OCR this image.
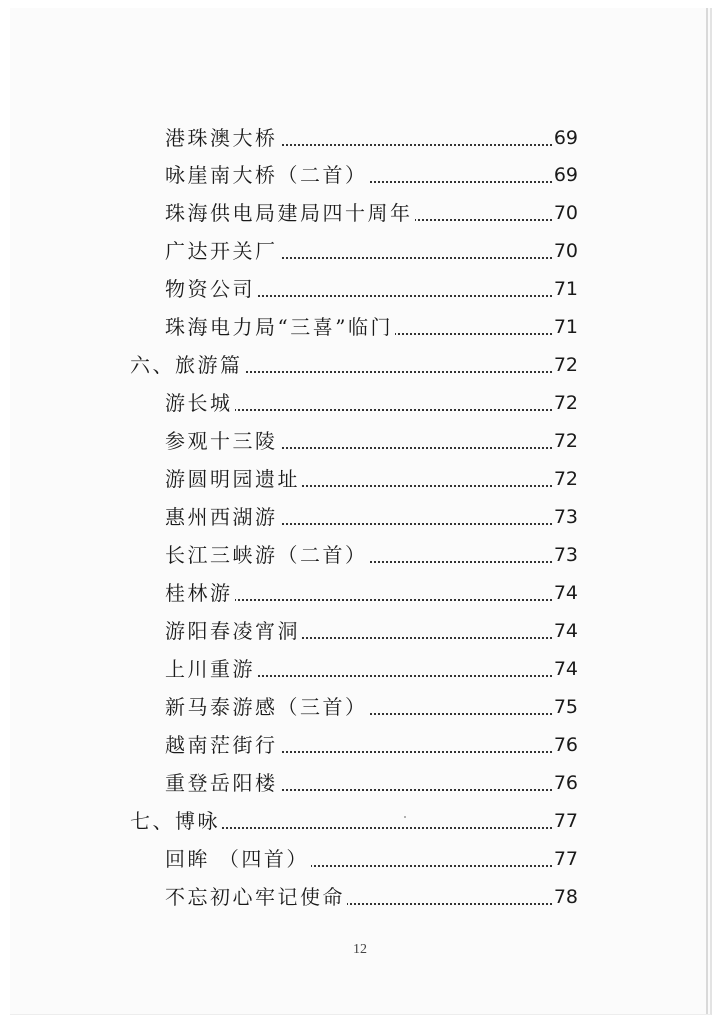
港珠澳大桥	69
咏崖南大桥（二首）	69
珠海供电局建局四十周年	70
广达开关厂	70
物资公司	71
珠海电力局“三喜”临门	71
六、旅游篇	72
游长城	72
参观十三陵	72
游圆明园遗址	72
惠州西湖游	73
长江三峡游（二首）	73
桂林游	74
游阳春凌宵洞	74
上川重游	74
新马泰游感（三首）	75
越南茫街行	76
重登岳阳楼	76
七、博咏	77
回眸 （四首）	77
不忘初心牢记使命	78
12
